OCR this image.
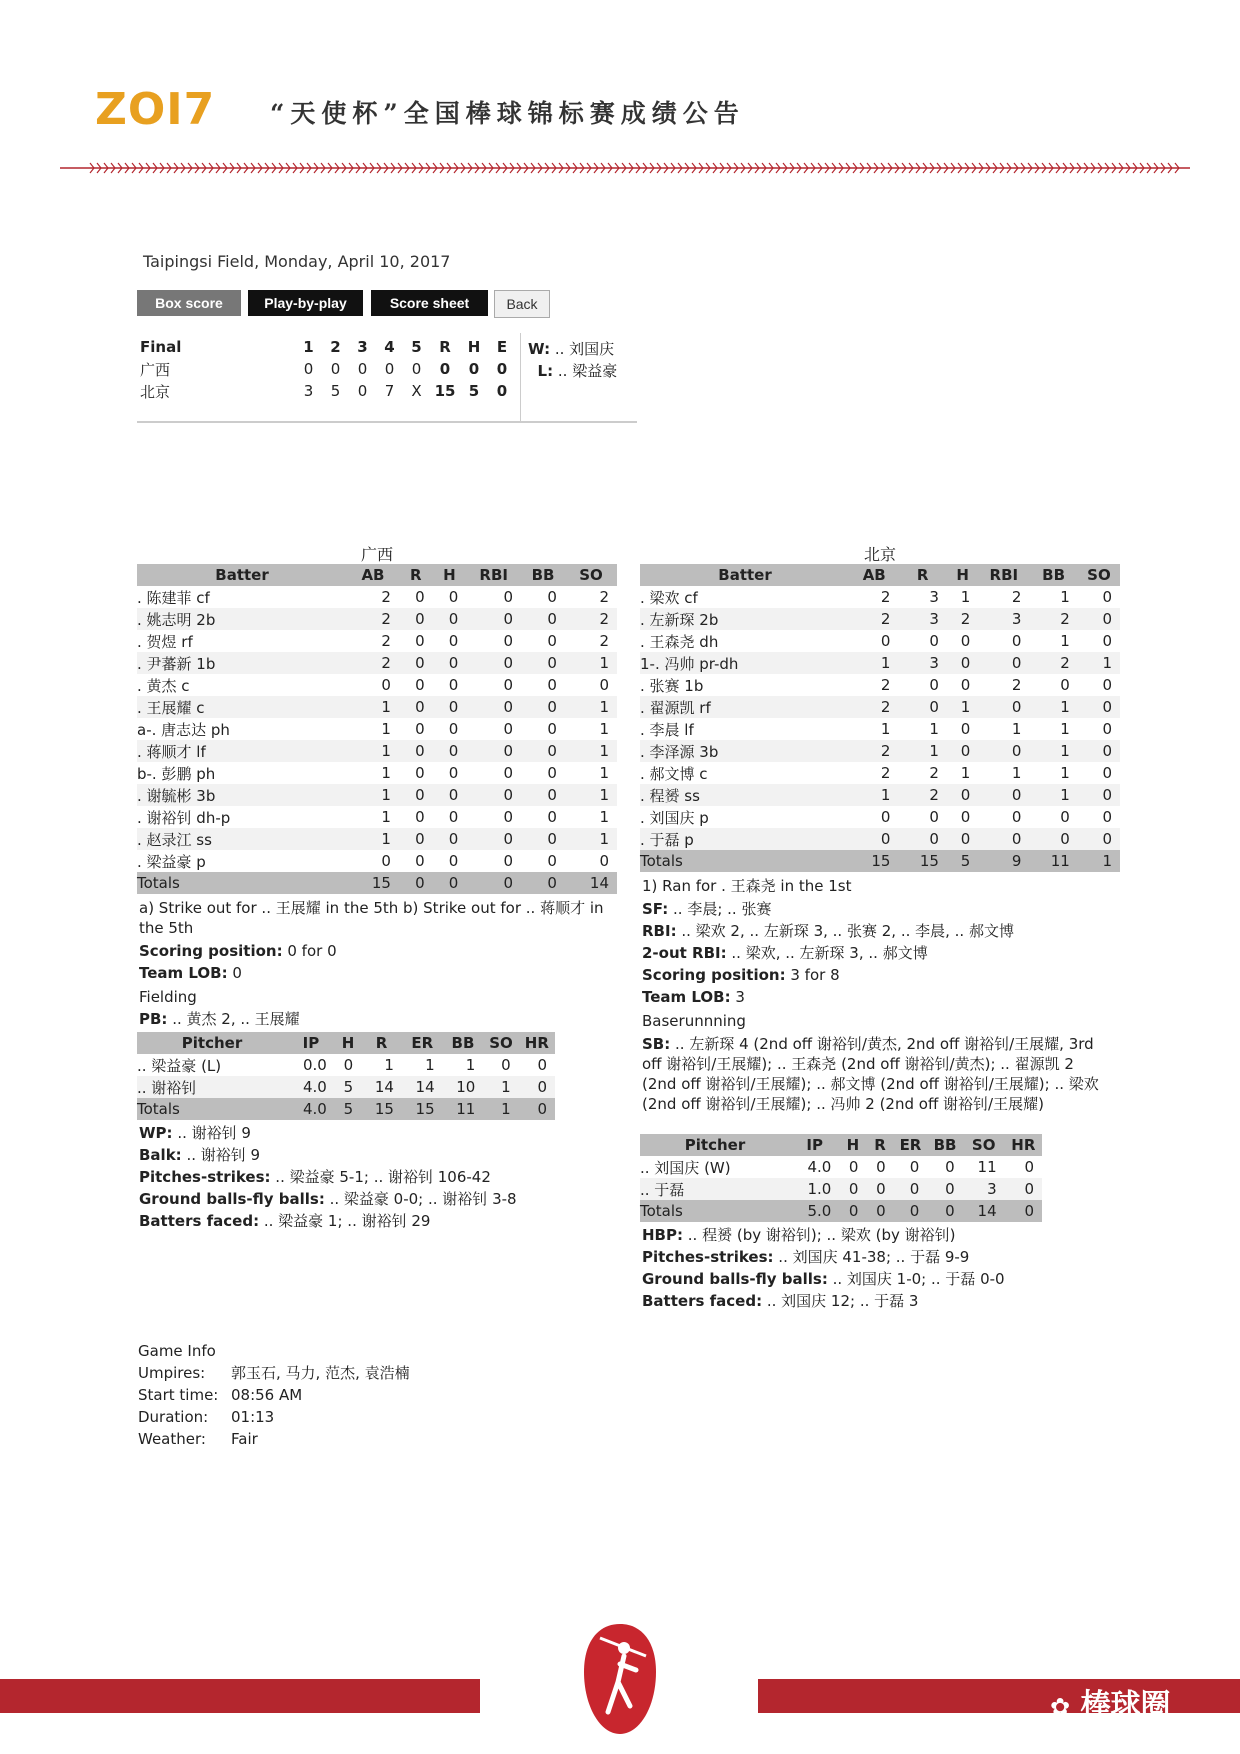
ZOI7 “天使杯”全国棒球锦标赛成绩公告
Taipingsi Field, Monday, April 10, 2017
Box score	Play-by-play	Score sheet	Back
Final	1	2	3	4	5	R	H	E
广西	0	0	0	0	0	0	0	0
北京	3	5	0	7	X	15	5	0
W: .. 刘国庆
L: .. 梁益豪
广西
Batter	AB	R	H	RBI	BB	SO
. 陈建菲 cf	2	0	0	0	0	2
. 姚志明 2b	2	0	0	0	0	2
. 贺煜 rf	2	0	0	0	0	2
. 尹蕃新 1b	2	0	0	0	0	1
. 黄杰 c	0	0	0	0	0	0
. 王展耀 c	1	0	0	0	0	1
a-. 唐志达 ph	1	0	0	0	0	1
. 蒋顺才 lf	1	0	0	0	0	1
b-. 彭鹏 ph	1	0	0	0	0	1
. 谢毓彬 3b	1	0	0	0	0	1
. 谢裕钊 dh-p	1	0	0	0	0	1
. 赵录江 ss	1	0	0	0	0	1
. 梁益豪 p	0	0	0	0	0	0
Totals	15	0	0	0	0	14
a) Strike out for .. 王展耀 in the 5th b) Strike out for .. 蒋顺才 in the 5th
Scoring position: 0 for 0
Team LOB: 0
Fielding
PB: .. 黄杰 2, .. 王展耀
Pitcher	IP	H	R	ER	BB	SO	HR
.. 梁益豪 (L)	0.0	0	1	1	1	0	0
.. 谢裕钊	4.0	5	14	14	10	1	0
Totals	4.0	5	15	15	11	1	0
WP: .. 谢裕钊 9
Balk: .. 谢裕钊 9
Pitches-strikes: .. 梁益豪 5-1; .. 谢裕钊 106-42
Ground balls-fly balls: .. 梁益豪 0-0; .. 谢裕钊 3-8
Batters faced: .. 梁益豪 1; .. 谢裕钊 29
北京
Batter	AB	R	H	RBI	BB	SO
. 梁欢 cf	2	3	1	2	1	0
. 左新琛 2b	2	3	2	3	2	0
. 王森尧 dh	0	0	0	0	1	0
1-. 冯帅 pr-dh	1	3	0	0	2	1
. 张赛 1b	2	0	0	2	0	0
. 翟源凯 rf	2	0	1	0	1	0
. 李晨 lf	1	1	0	1	1	0
. 李泽源 3b	2	1	0	0	1	0
. 郝文博 c	2	2	1	1	1	0
. 程赟 ss	1	2	0	0	1	0
. 刘国庆 p	0	0	0	0	0	0
. 于磊 p	0	0	0	0	0	0
Totals	15	15	5	9	11	1
1) Ran for . 王森尧 in the 1st
SF: .. 李晨; .. 张赛
RBI: .. 梁欢 2, .. 左新琛 3, .. 张赛 2, .. 李晨, .. 郝文博
2-out RBI: .. 梁欢, .. 左新琛 3, .. 郝文博
Scoring position: 3 for 8
Team LOB: 3
Baserunnning
SB: .. 左新琛 4 (2nd off 谢裕钊/黄杰, 2nd off 谢裕钊/王展耀, 3rd off 谢裕钊/王展耀); .. 王森尧 (2nd off 谢裕钊/黄杰); .. 翟源凯 2 (2nd off 谢裕钊/王展耀); .. 郝文博 (2nd off 谢裕钊/王展耀); .. 梁欢 (2nd off 谢裕钊/王展耀); .. 冯帅 2 (2nd off 谢裕钊/王展耀)
Pitcher	IP	H	R	ER	BB	SO	HR
.. 刘国庆 (W)	4.0	0	0	0	0	11	0
.. 于磊	1.0	0	0	0	0	3	0
Totals	5.0	0	0	0	0	14	0
HBP: .. 程赟 (by 谢裕钊); .. 梁欢 (by 谢裕钊)
Pitches-strikes: .. 刘国庆 41-38; .. 于磊 9-9
Ground balls-fly balls: .. 刘国庆 1-0; .. 于磊 0-0
Batters faced: .. 刘国庆 12; .. 于磊 3
Game Info
Umpires: 郭玉石, 马力, 范杰, 袁浩楠
Start time: 08:56 AM
Duration: 01:13
Weather: Fair
✿ 棒球圈
